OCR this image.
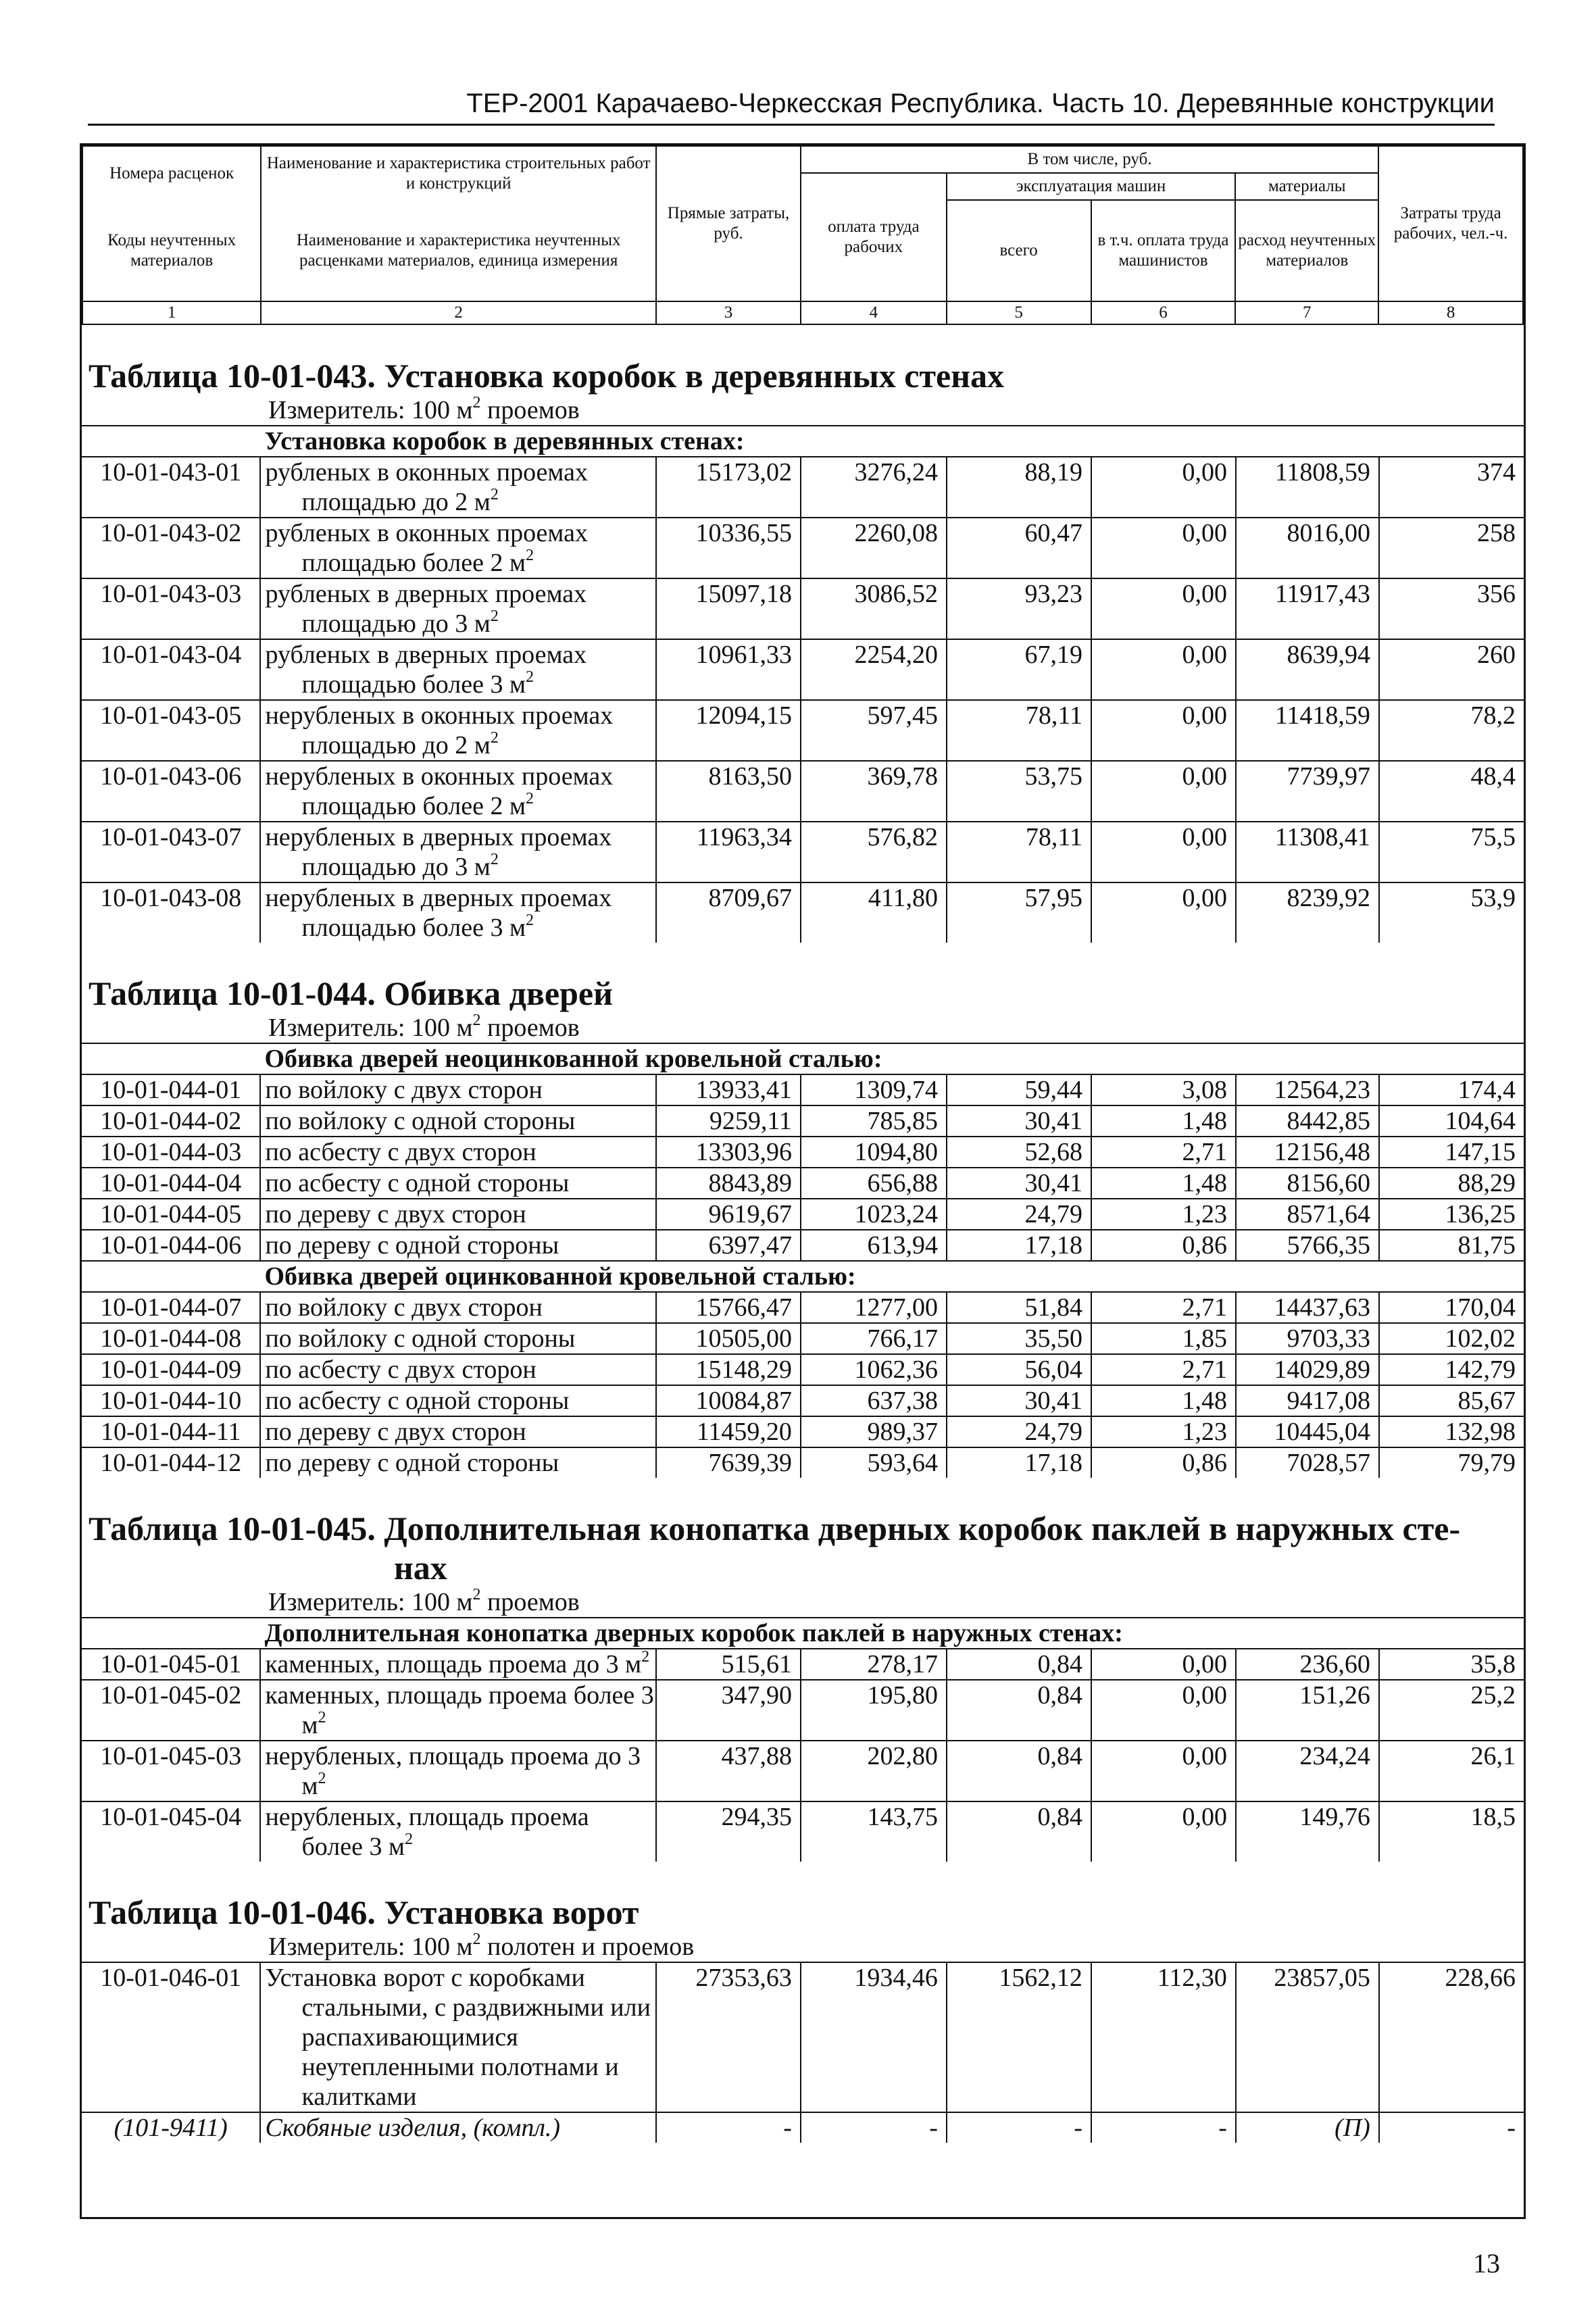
ТЕР-2001 Карачаево-Черкесская Республика. Часть 10. Деревянные конструкции
Номера расценок	Наименование и характеристика строительных работ и конструкций	Прямые затраты, руб.	В том числе, руб.				Затраты труда рабочих, чел.-ч.
			оплата труда рабочих	эксплуатация машин		материалы	
Коды неучтенных материалов	Наименование и характеристика неучтенных расценками материалов, единица измерения			всего	в т.ч. оплата труда машинистов	расход неучтенных материалов	
1	2	3	4	5	6	7	8
Таблица 10-01-043. Установка коробок в деревянных стенах							
Измеритель: 100 $м^2$ проемов							
	Установка коробок в деревянных стенах:						
10-01-043-01	рубленых в оконных проемах площадью до 2 $м^2$	15173,02	3276,24	88,19	0,00	11808,59	374
10-01-043-02	рубленых в оконных проемах площадью более 2 $м^2$	10336,55	2260,08	60,47	0,00	8016,00	258
10-01-043-03	рубленых в дверных проемах площадью до 3 $м^2$	15097,18	3086,52	93,23	0,00	11917,43	356
10-01-043-04	рубленых в дверных проемах площадью более 3 $м^2$	10961,33	2254,20	67,19	0,00	8639,94	260
10-01-043-05	нерубленых в оконных проемах площадью до 2 $м^2$	12094,15	597,45	78,11	0,00	11418,59	78,2
10-01-043-06	нерубленых в оконных проемах площадью более 2 $м^2$	8163,50	369,78	53,75	0,00	7739,97	48,4
10-01-043-07	нерубленых в дверных проемах площадью до 3 $м^2$	11963,34	576,82	78,11	0,00	11308,41	75,5
10-01-043-08	нерубленых в дверных проемах площадью более 3 $м^2$	8709,67	411,80	57,95	0,00	8239,92	53,9
Таблица 10-01-044. Обивка дверей							
Измеритель: 100 $м^2$ проемов							
	Обивка дверей неоцинкованной кровельной сталью:						
10-01-044-01	по войлоку с двух сторон	13933,41	1309,74	59,44	3,08	12564,23	174,4
10-01-044-02	по войлоку с одной стороны	9259,11	785,85	30,41	1,48	8442,85	104,64
10-01-044-03	по асбесту с двух сторон	13303,96	1094,80	52,68	2,71	12156,48	147,15
10-01-044-04	по асбесту с одной стороны	8843,89	656,88	30,41	1,48	8156,60	88,29
10-01-044-05	по дереву с двух сторон	9619,67	1023,24	24,79	1,23	8571,64	136,25
10-01-044-06	по дереву с одной стороны	6397,47	613,94	17,18	0,86	5766,35	81,75
	Обивка дверей оцинкованной кровельной сталью:						
10-01-044-07	по войлоку с двух сторон	15766,47	1277,00	51,84	2,71	14437,63	170,04
10-01-044-08	по войлоку с одной стороны	10505,00	766,17	35,50	1,85	9703,33	102,02
10-01-044-09	по асбесту с двух сторон	15148,29	1062,36	56,04	2,71	14029,89	142,79
10-01-044-10	по асбесту с одной стороны	10084,87	637,38	30,41	1,48	9417,08	85,67
10-01-044-11	по дереву с двух сторон	11459,20	989,37	24,79	1,23	10445,04	132,98
10-01-044-12	по дереву с одной стороны	7639,39	593,64	17,18	0,86	7028,57	79,79
Таблица 10-01-045. Дополнительная конопатка дверных коробок паклей в наружных сте-
нах							

Измеритель: 100 $м^2$ проемов							
	Дополнительная конопатка дверных коробок паклей в наружных стенах:						
10-01-045-01	каменных, площадь проема до 3 $м^2$	515,61	278,17	0,84	0,00	236,60	35,8
10-01-045-02	каменных, площадь проема более 3 $м^2$	347,90	195,80	0,84	0,00	151,26	25,2
10-01-045-03	нерубленых, площадь проема до 3 $м^2$	437,88	202,80	0,84	0,00	234,24	26,1
10-01-045-04	нерубленых, площадь проема более 3 $м^2$	294,35	143,75	0,84	0,00	149,76	18,5
Таблица 10-01-046. Установка ворот							
Измеритель: 100 $м^2$ полотен и проемов							
10-01-046-01	Установка ворот с коробками стальными, с раздвижными или распахивающимися неутепленными полотнами и калитками	27353,63	1934,46	1562,12	112,30	23857,05	228,66
(101-9411)	Скобяные изделия, (компл.)	-	-	-	-	(П)	-
13
